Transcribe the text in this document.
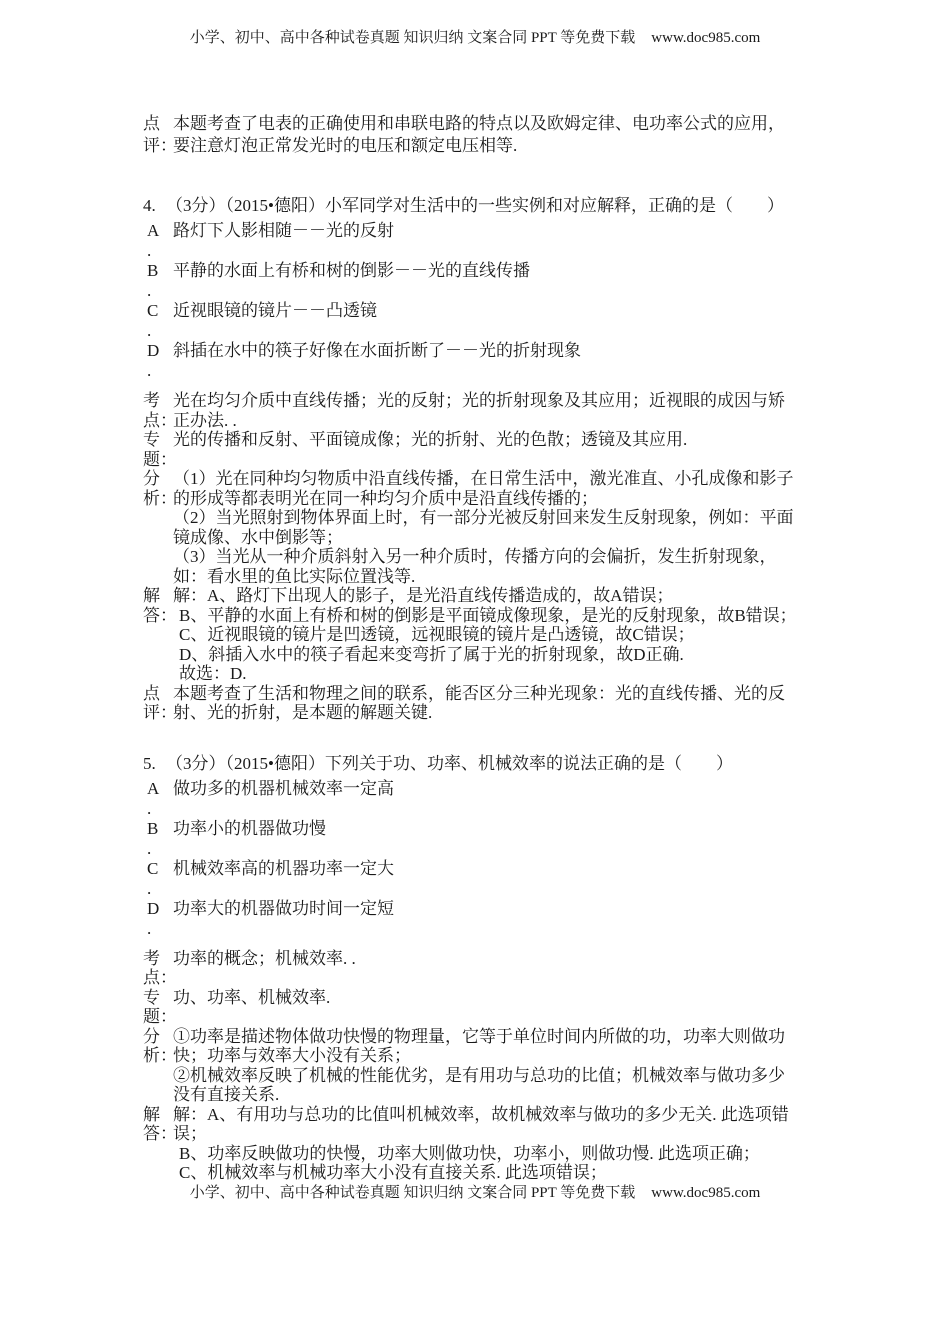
小学、初中、高中各种试卷真题 知识归纳 文案合同 PPT 等免费下载 www.doc985.com
点
评：

本题考查了电表的正确使用和串联电路的特点以及欧姆定律、电功率公式的应用，要注意灯泡正常发光时的电压和额定电压相等.

4. （3分）（2015•德阳）小军同学对生活中的一些实例和对应解释，正确的是（　　）
A
.
路灯下人影相随－－光的反射
B
.
平静的水面上有桥和树的倒影－－光的直线传播
C
.
近视眼镜的镜片－－凸透镜
D
.
斜插在水中的筷子好像在水面折断了－－光的折射现象
考
点：

光在均匀介质中直线传播；光的反射；光的折射现象及其应用；近视眼的成因与矫正办法. .

专
题：

光的传播和反射、平面镜成像；光的折射、光的色散；透镜及其应用.

分
析：

（1）光在同种均匀物质中沿直线传播，在日常生活中，激光准直、小孔成像和影子的形成等都表明光在同一种均匀介质中是沿直线传播的；

（2）当光照射到物体界面上时，有一部分光被反射回来发生反射现象，例如：平面镜成像、水中倒影等；

（3）当光从一种介质斜射入另一种介质时，传播方向的会偏折，发生折射现象，如：看水里的鱼比实际位置浅等.

解
答：

解：A、路灯下出现人的影子，是光沿直线传播造成的，故A错误；

B、平静的水面上有桥和树的倒影是平面镜成像现象，是光的反射现象，故B错误；

C、近视眼镜的镜片是凹透镜，远视眼镜的镜片是凸透镜，故C错误；

D、斜插入水中的筷子看起来变弯折了属于光的折射现象，故D正确.

故选：D.

点
评：

本题考查了生活和物理之间的联系，能否区分三种光现象：光的直线传播、光的反射、光的折射，是本题的解题关键.

5. （3分）（2015•德阳）下列关于功、功率、机械效率的说法正确的是（　　）
A
.
做功多的机器机械效率一定高
B
.
功率小的机器做功慢
C
.
机械效率高的机器功率一定大
D
.
功率大的机器做功时间一定短
考
点：

功率的概念；机械效率. .

专
题：

功、功率、机械效率.

分
析：

①功率是描述物体做功快慢的物理量，它等于单位时间内所做的功，功率大则做功快；功率与效率大小没有关系；

②机械效率反映了机械的性能优劣，是有用功与总功的比值；机械效率与做功多少没有直接关系.

解
答：

解：A、有用功与总功的比值叫机械效率，故机械效率与做功的多少无关. 此选项错误；

B、功率反映做功的快慢，功率大则做功快，功率小，则做功慢. 此选项正确；

C、机械效率与机械功率大小没有直接关系. 此选项错误；

小学、初中、高中各种试卷真题 知识归纳 文案合同 PPT 等免费下载 www.doc985.com
